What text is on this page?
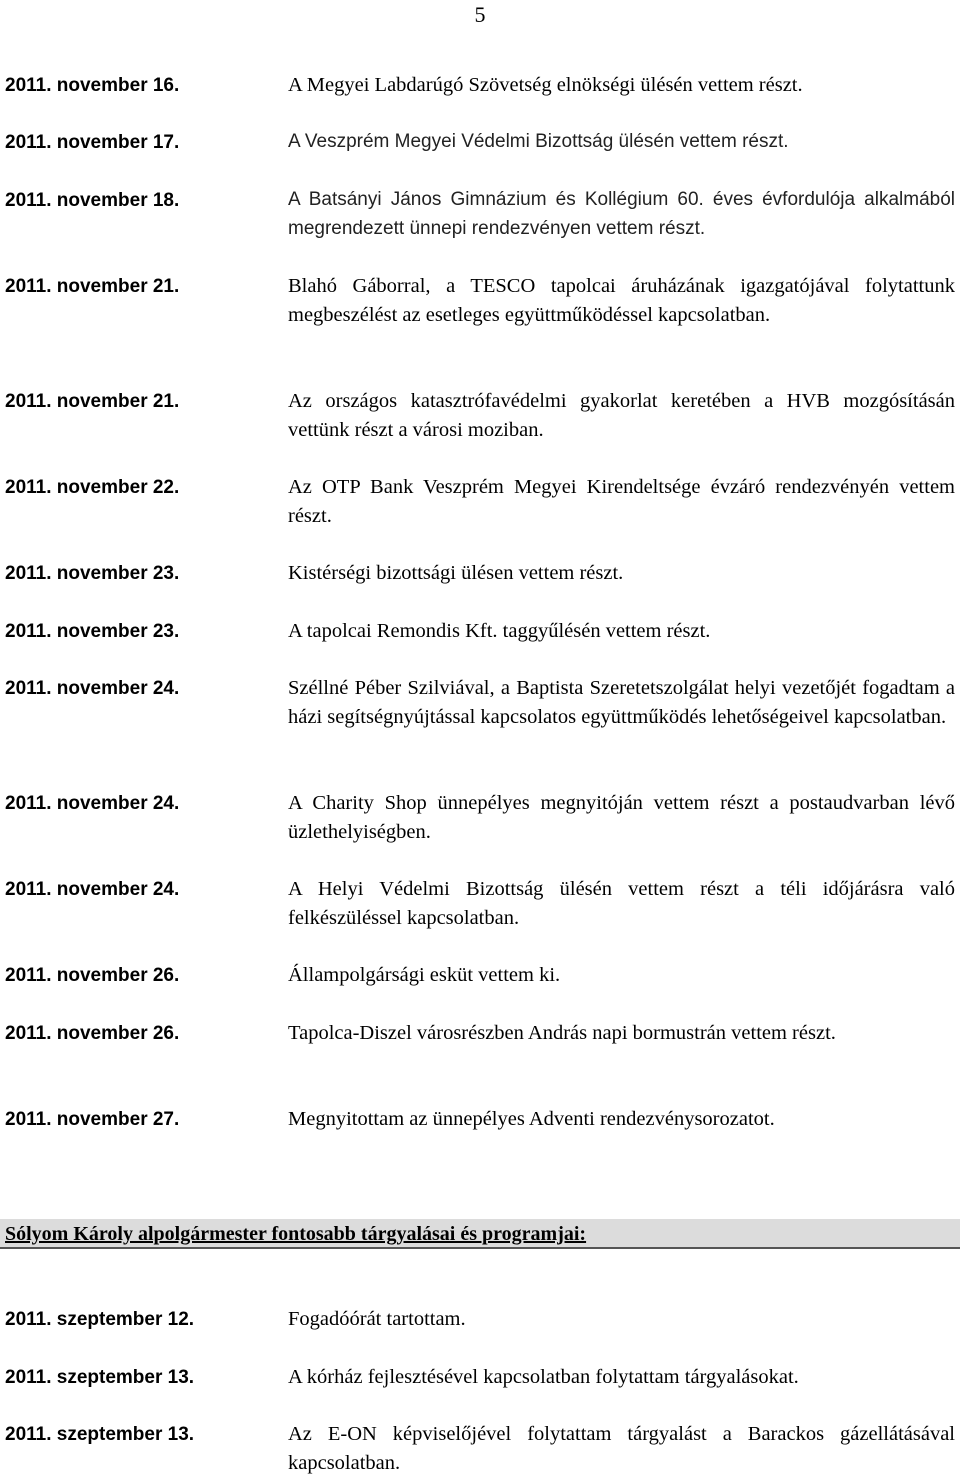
5
2011. november 16.	A Megyei Labdarúgó Szövetség elnökségi ülésén vettem részt.
2011. november 17.	A Veszprém Megyei Védelmi Bizottság ülésén vettem részt.
2011. november 18.	A Batsányi János Gimnázium és Kollégium 60. éves évfordulója alkalmából megrendezett ünnepi rendezvényen vettem részt.
2011. november 21.	Blahó Gáborral, a TESCO tapolcai áruházának igazgatójával folytattunk megbeszélést az esetleges együttműködéssel kapcsolatban.
2011. november 21.	Az országos katasztrófavédelmi gyakorlat keretében a HVB mozgósításán vettünk részt a városi moziban.
2011. november 22.	Az OTP Bank Veszprém Megyei Kirendeltsége évzáró rendezvényén vettem részt.
2011. november 23.	Kistérségi bizottsági ülésen vettem részt.
2011. november 23.	A tapolcai Remondis Kft. taggyűlésén vettem részt.
2011. november 24.	Széllné Péber Szilviával, a Baptista Szeretetszolgálat helyi vezetőjét fogadtam a házi segítségnyújtással kapcsolatos együttműködés lehetőségeivel kapcsolatban.
2011. november 24.	A Charity Shop ünnepélyes megnyitóján vettem részt a postaudvarban lévő üzlethelyiségben.
2011. november 24.	A Helyi Védelmi Bizottság ülésén vettem részt a téli időjárásra való felkészüléssel kapcsolatban.
2011. november 26.	Állampolgársági esküt vettem ki.
2011. november 26.	Tapolca-Diszel városrészben András napi bormustrán vettem részt.
2011. november 27.	Megnyitottam az ünnepélyes Adventi rendezvénysorozatot.
Sólyom Károly alpolgármester fontosabb tárgyalásai és programjai:
2011. szeptember 12.	Fogadóórát tartottam.
2011. szeptember 13.	A kórház fejlesztésével kapcsolatban folytattam tárgyalásokat.
2011. szeptember 13.	Az E-ON képviselőjével folytattam tárgyalást a Barackos gázellátásával kapcsolatban.
